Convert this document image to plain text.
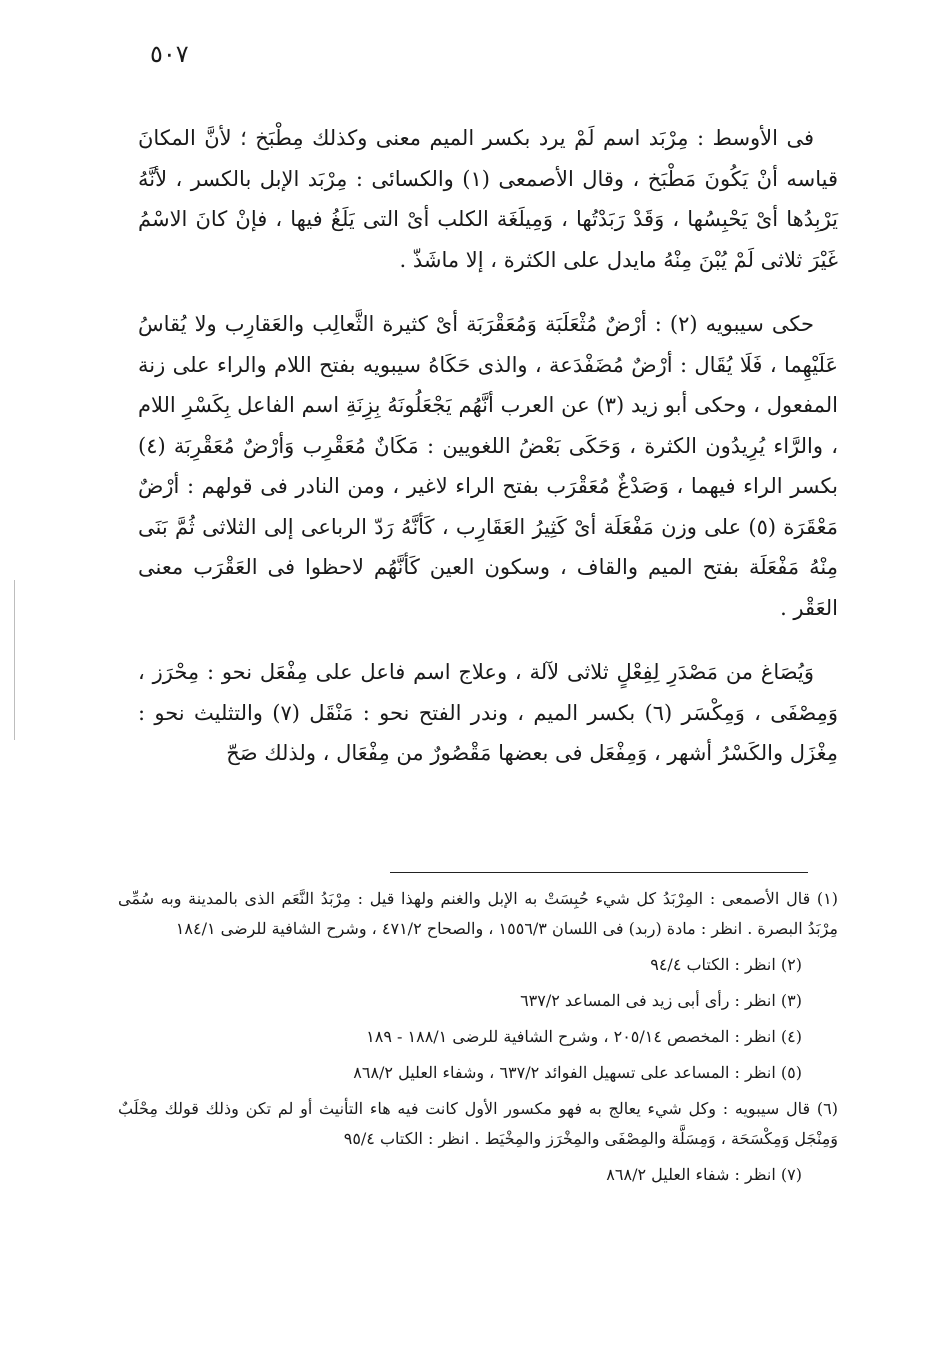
٥٠٧

فى الأوسط : مِرْبَد اسم لَمْ يرد بكسر الميم معنى وكذلك مِطْبَخ ؛ لأنَّ المكانَ قياسه أنْ يَكُونَ مَطْبَخ ، وقال الأصمعى (١) والكسائى : مِرْبَد الإبل بالكسر ، لأنَّهُ يَرْبِدُها أىْ يَحْبِسُها ، وَقَدْ رَبَدْتُها ، وَمِيلَغَة الكلب أىْ التى يَلَغُ فيها ، فإنْ كانَ الاسْمُ غَيْرَ ثلاثى لَمْ يُبْنَ مِنْهُ مايدل على الكثرة ، إلا ماشَذّ .

حكى سيبويه (٢) : أرْضٌ مُثْعَلَبَة وَمُعَقْرَبَة أىْ كثيرة الثَّعالِب والعَقارِب ولا يُقاسُ عَلَيْهِما ، فَلَا يُقَال : أرْضٌ مُضَفْدَعة ، والذى حَكَاهُ سيبويه بفتح اللام والراء على زنة المفعول ، وحكى أبو زيد (٣) عن العرب أنَّهُم يَجْعَلُونَهُ بِزِنَةِ اسم الفاعل بِكَسْرِ اللام ، والرَّاء يُرِيدُون الكثرة ، وَحَكَى بَعْضُ اللغويين : مَكَانٌ مُعَقْرِب وَأرْضٌ مُعَقْرِبَة (٤) بكسر الراء فيهما ، وَصَدْغٌ مُعَقْرَب بفتح الراء لاغير ، ومن النادر فى قولهم : أرْضٌ مَعْقَرَة (٥) على وزن مَفْعَلَة أىْ كَثِيرُ العَقَارِب ، كَأنَّهُ رَدّ الرباعى إلى الثلاثى ثُمَّ بَنَى مِنْهُ مَفْعَلَة بفتح الميم والقاف ، وسكون العين كَأنَّهُم لاحظوا فى العَقْرَب معنى العَقْر .

وَيُصَاغ من مَصْدَرِ لِفِعْلٍ ثلاثى لآلة ، وعلاج اسم فاعل على مِفْعَل نحو : مِحْرَز ، وَمِصْفَى ، وَمِكْسَر (٦) بكسر الميم ، وندر الفتح نحو : مَنْقَل (٧) والتثليث نحو : مِغْزَل والكَسْرُ أشهر ، وَمِفْعَل فى بعضها مَقْصُورٌ من مِفْعَال ، ولذلك صَحّ

(١) قال الأصمعى : المِرْبَدُ كل شيء حُبِسَتْ به الإبل والغنم ولهذا قيل : مِرْبَدُ النَّعَم الذى بالمدينة وبه سُمِّى مِرْبَدُ البصرة . انظر : مادة (ربد) فى اللسان ١٥٥٦/٣ ، والصحاح ٤٧١/٢ ، وشرح الشافية للرضى ١٨٤/١
(٢) انظر : الكتاب ٩٤/٤
(٣) انظر : رأى أبى زيد فى المساعد ٦٣٧/٢
(٤) انظر : المخصص ٢٠٥/١٤ ، وشرح الشافية للرضى ١٨٨/١ - ١٨٩
(٥) انظر : المساعد على تسهيل الفوائد ٦٣٧/٢ ، وشفاء العليل ٨٦٨/٢
(٦) قال سيبويه : وكل شيء يعالج به فهو مكسور الأول كانت فيه هاء التأنيث أو لم تكن وذلك قولك مِحْلَبٌ وَمِنْجَل وَمِكْسَحَة ، وَمِسَلَّة والمِصْفَى والمِخْرَز والمِخْيَط . انظر : الكتاب ٩٥/٤
(٧) انظر : شفاء العليل ٨٦٨/٢
